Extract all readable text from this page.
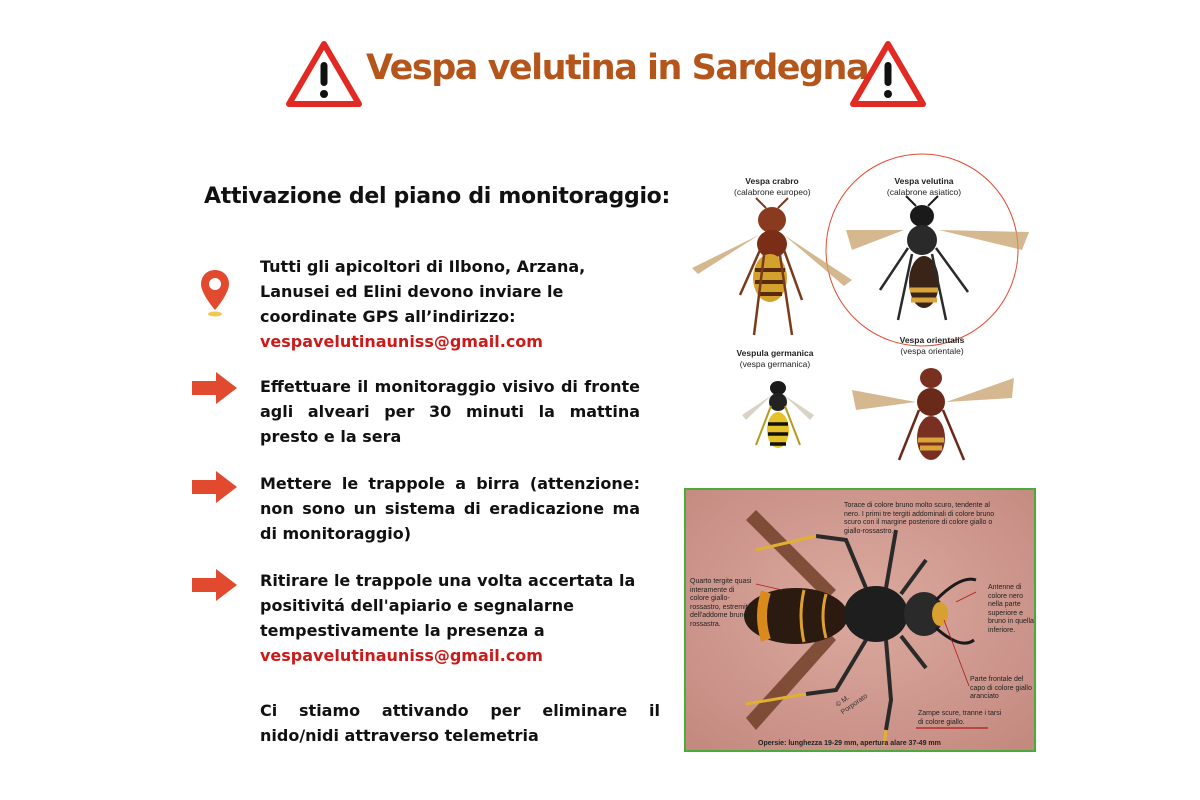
Vespa velutina in Sardegna
Attivazione del piano di monitoraggio:
Tutti gli apicoltori di Ilbono, Arzana, Lanusei ed Elini devono inviare le coordinate GPS all’indirizzo:
vespavelutinauniss@gmail.com
Effettuare il monitoraggio visivo di fronte agli alveari per 30 minuti la mattina presto e la sera
Mettere le trappole a birra (attenzione: non sono un sistema di eradicazione ma di monitoraggio)
Ritirare le trappole una volta accertata la positivitá dell'apiario e segnalarne tempestivamente la presenza a
vespavelutinauniss@gmail.com
Ci stiamo attivando per eliminare il nido/nidi attraverso telemetria
Vespa crabro
(calabrone europeo)
Vespa velutina
(calabrone asiatico)
Vespula germanica
(vespa germanica)
Vespa orientalis
(vespa orientale)
Torace di colore bruno molto scuro, tendente al nero. I primi tre tergiti addominali di colore bruno scuro con il margine posteriore di colore giallo o giallo-rossastro.
Quarto tergite quasi interamente di colore giallo-rossastro, estremità dell'addome bruno-rossastra.
Antenne di colore nero nella parte superiore e bruno in quella inferiore.
Parte frontale del capo di colore giallo aranciato
Zampe scure, tranne i tarsi di colore giallo.
Opersie: lunghezza 19-29 mm, apertura alare 37-49 mm
© M. Porporato
